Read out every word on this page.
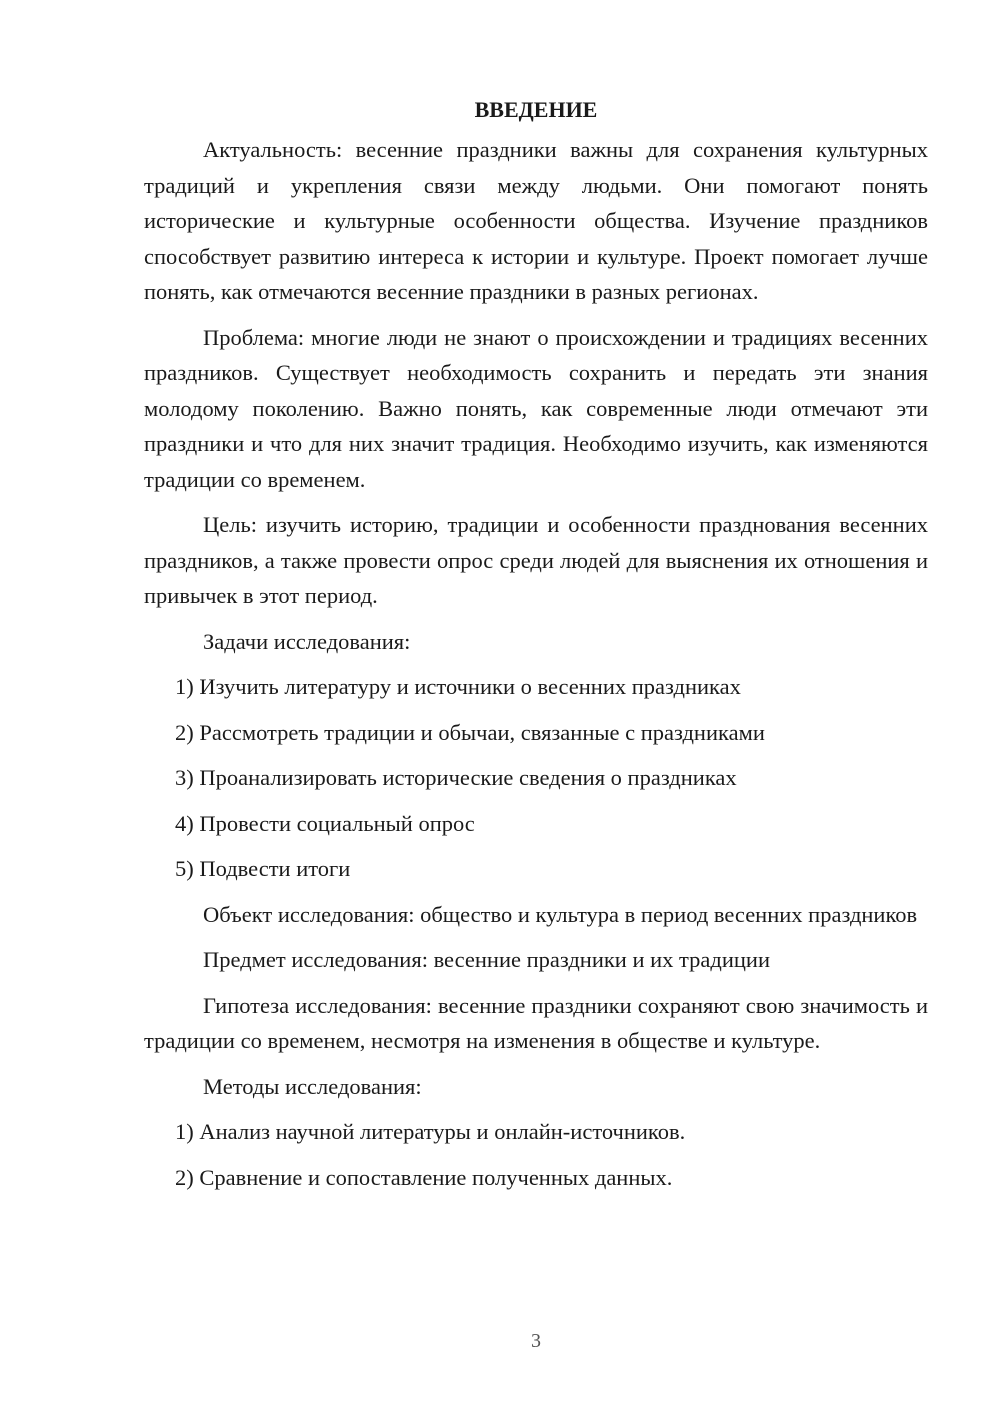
ВВЕДЕНИЕ

Актуальность: весенние праздники важны для сохранения культурных традиций и укрепления связи между людьми. Они помогают понять исторические и культурные особенности общества. Изучение праздников способствует развитию интереса к истории и культуре. Проект помогает лучше понять, как отмечаются весенние праздники в разных регионах.

Проблема: многие люди не знают о происхождении и традициях весенних праздников. Существует необходимость сохранить и передать эти знания молодому поколению. Важно понять, как современные люди отмечают эти праздники и что для них значит традиция. Необходимо изучить, как изменяются традиции со временем.

Цель: изучить историю, традиции и особенности празднования весенних праздников, а также провести опрос среди людей для выяснения их отношения и привычек в этот период.

Задачи исследования:

1) Изучить литературу и источники о весенних праздниках
2) Рассмотреть традиции и обычаи, связанные с праздниками
3) Проанализировать исторические сведения о праздниках
4) Провести социальный опрос
5) Подвести итоги

Объект исследования: общество и культура в период весенних праздников

Предмет исследования: весенние праздники и их традиции

Гипотеза исследования: весенние праздники сохраняют свою значимость и традиции со временем, несмотря на изменения в обществе и культуре.

Методы исследования:

1) Анализ научной литературы и онлайн-источников.
2) Сравнение и сопоставление полученных данных.
3
